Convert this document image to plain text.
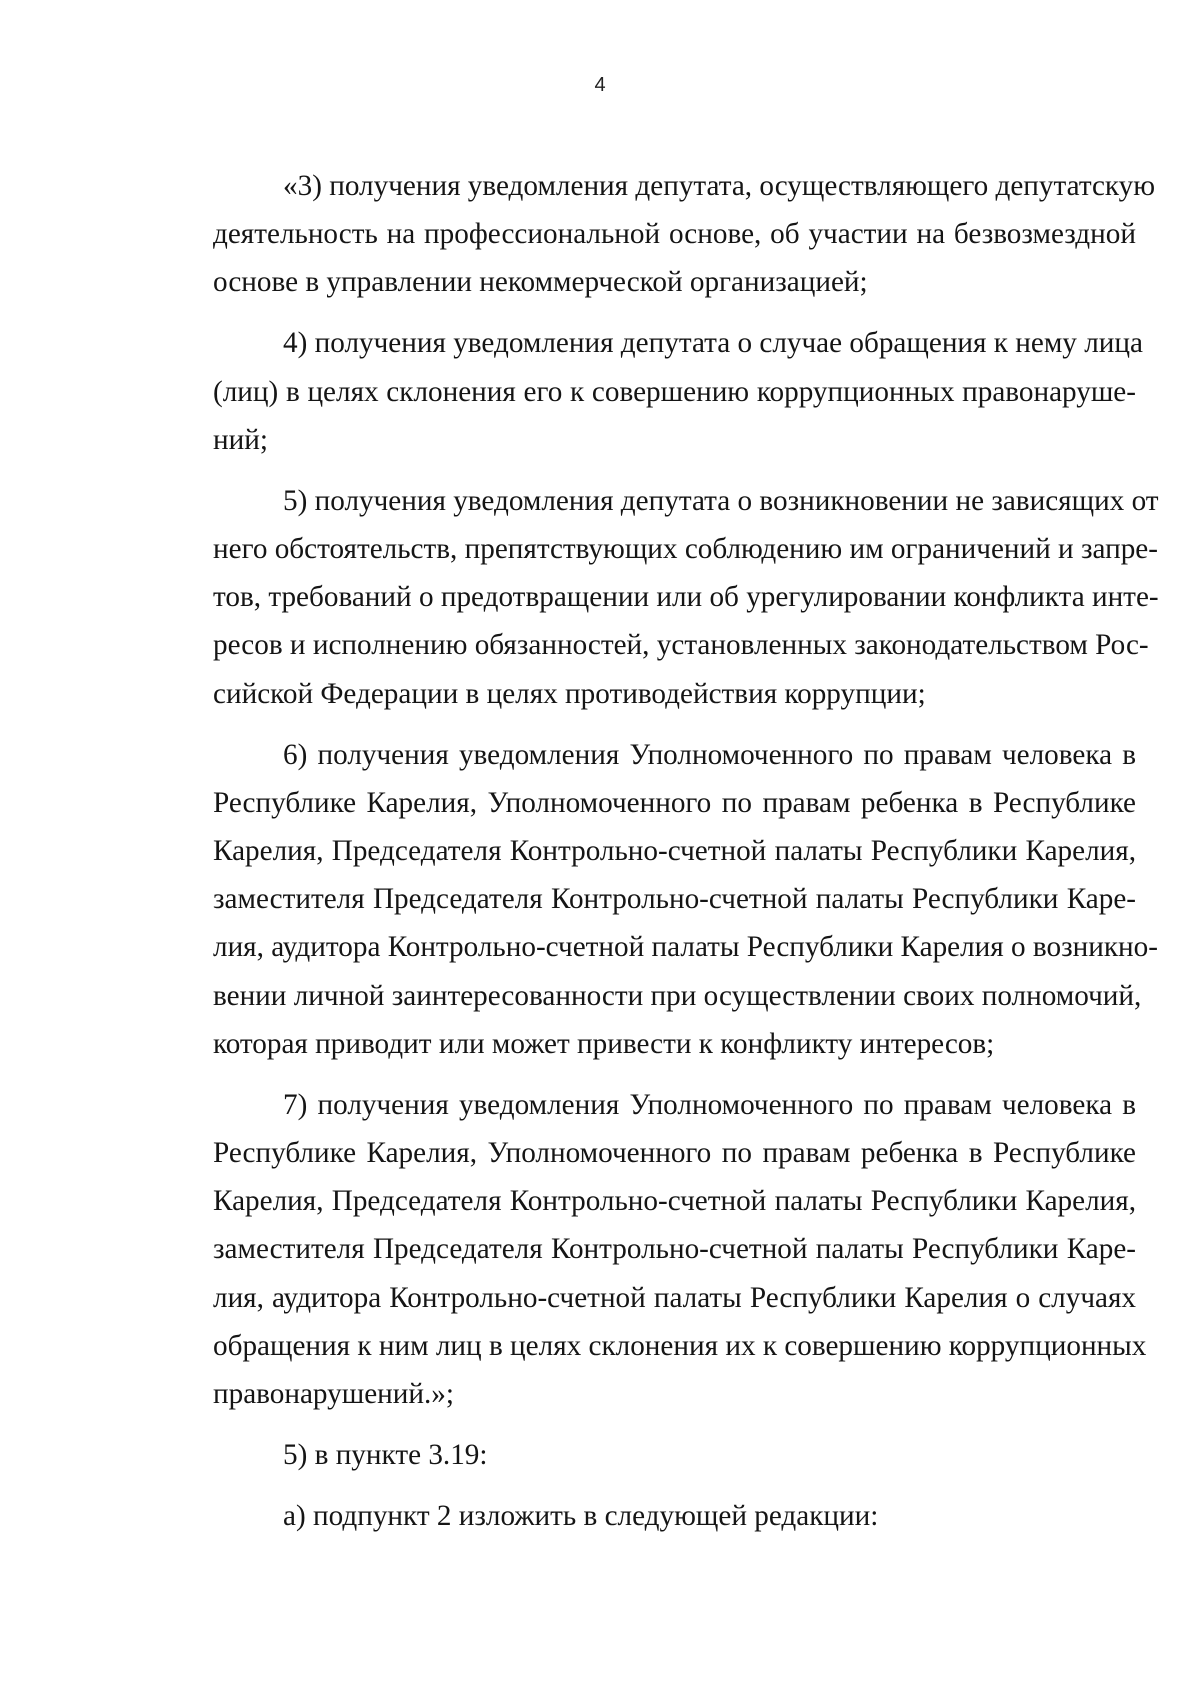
4

«3) получения уведомления депутата, осуществляющего депутатскую
деятельность на профессиональной основе, об участии на безвозмездной
основе в управлении некоммерческой организацией;

4) получения уведомления депутата о случае обращения к нему лица
(лиц) в целях склонения его к совершению коррупционных правонаруше-
ний;

5) получения уведомления депутата о возникновении не зависящих от
него обстоятельств, препятствующих соблюдению им ограничений и запре-
тов, требований о предотвращении или об урегулировании конфликта инте-
ресов и исполнению обязанностей, установленных законодательством Рос-
сийской Федерации в целях противодействия коррупции;

6) получения уведомления Уполномоченного по правам человека в
Республике Карелия, Уполномоченного по правам ребенка в Республике
Карелия, Председателя Контрольно-счетной палаты Республики Карелия,
заместителя Председателя Контрольно-счетной палаты Республики Каре-
лия, аудитора Контрольно-счетной палаты Республики Карелия о возникно-
вении личной заинтересованности при осуществлении своих полномочий,
которая приводит или может привести к конфликту интересов;

7) получения уведомления Уполномоченного по правам человека в
Республике Карелия, Уполномоченного по правам ребенка в Республике
Карелия, Председателя Контрольно-счетной палаты Республики Карелия,
заместителя Председателя Контрольно-счетной палаты Республики Каре-
лия, аудитора Контрольно-счетной палаты Республики Карелия о случаях
обращения к ним лиц в целях склонения их к совершению коррупционных
правонарушений.»;

5) в пункте 3.19:

а) подпункт 2 изложить в следующей редакции:
